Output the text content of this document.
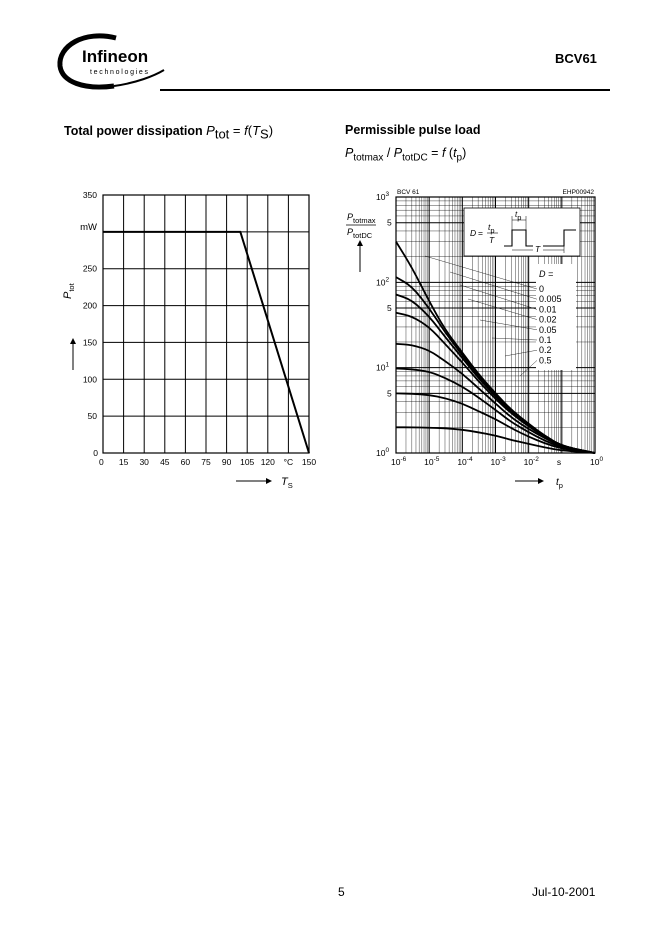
Infineon
technologies
BCV61
Total power dissipation $P_{tot} = f(T_S)$	Permissible pulse load
$P_{totmax} / P_{totDC} = f$ $(t_p)$
0 15 30 45 60 75 90 105 120 °C 150
0
50
100
150
200
250
mW
350
$T_S$
$P_{tot}$
BCV 61	EHP00942
$10^{-6}$ $10^{-5}$ $10^{-4}$ $10^{-3}$ $10^{-2}$ s	$10^0$
$10^0$
5
$10^1$
5
$10^2$
5
$10^3$
$P_{totmax}$
$P_{totDC}$
$t_p$
D =
0
0.005
0.01
0.02
0.05
0.1
0.2
0.5
D =
tp
T
tp
T
5	Jul-10-2001
